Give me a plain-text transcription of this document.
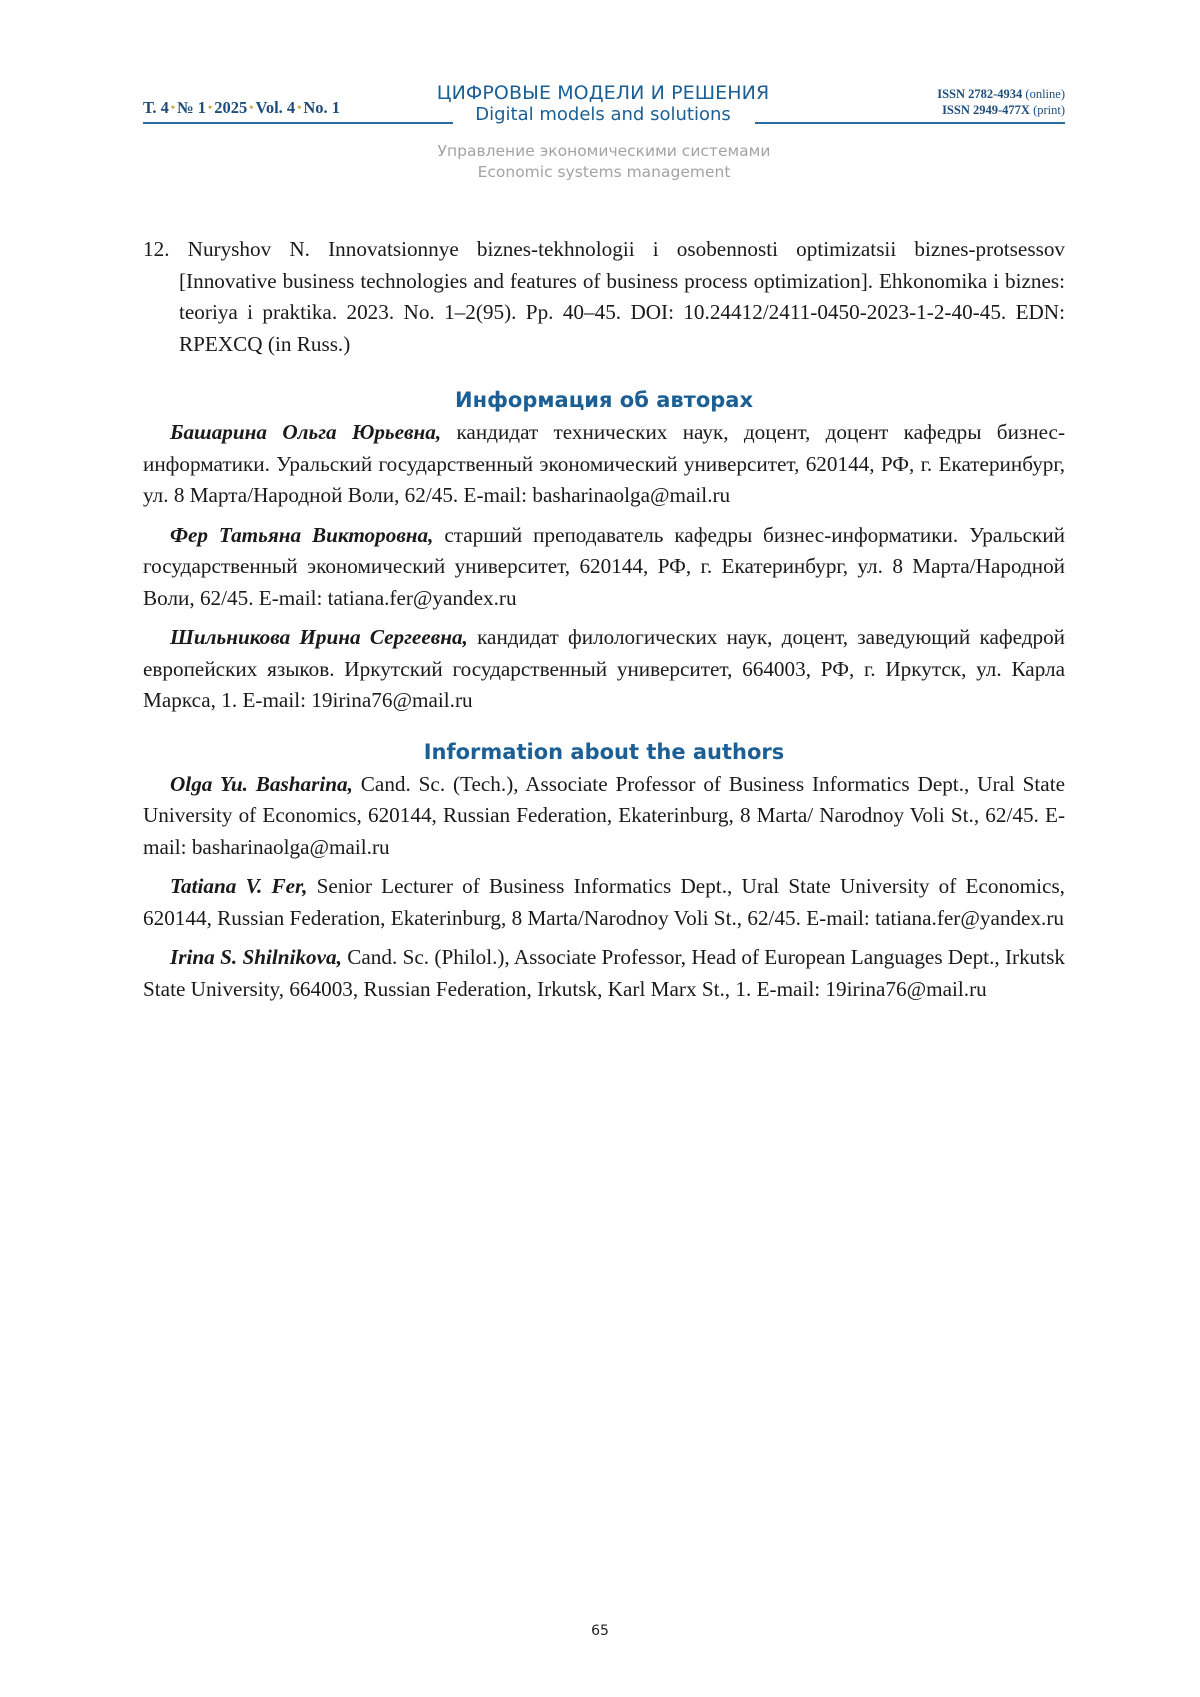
Т. 4 • № 1 • 2025 • Vol. 4 • No. 1
ЦИФРОВЫЕ МОДЕЛИ И РЕШЕНИЯ
Digital models and solutions
ISSN 2782-4934 (online)
ISSN 2949-477X (print)
Управление экономическими системами
Economic systems management
12. Nuryshov N. Innovatsionnye biznes-tekhnologii i osobennosti optimizatsii biznes-protsessov [Innovative business technologies and features of business process optimization]. Ehkonomika i biznes: teoriya i praktika. 2023. No. 1–2(95). Pp. 40–45. DOI: 10.24412/2411-0450-2023-1-2-40-45. EDN: RPEXCQ (in Russ.)
Информация об авторах

Башарина Ольга Юрьевна, кандидат технических наук, доцент, доцент кафедры бизнес-информатики. Уральский государственный экономический университет, 620144, РФ, г. Екатеринбург, ул. 8 Марта/Народной Воли, 62/45. E-mail: basharinaolga@mail.ru

Фер Татьяна Викторовна, старший преподаватель кафедры бизнес-информатики. Уральский государственный экономический университет, 620144, РФ, г. Екатеринбург, ул. 8 Марта/Народной Воли, 62/45. E-mail: tatiana.fer@yandex.ru

Шильникова Ирина Сергеевна, кандидат филологических наук, доцент, заведующий кафедрой европейских языков. Иркутский государственный университет, 664003, РФ, г. Иркутск, ул. Карла Маркса, 1. E-mail: 19irina76@mail.ru

Information about the authors

Olga Yu. Basharina, Cand. Sc. (Tech.), Associate Professor of Business Informatics Dept., Ural State University of Economics, 620144, Russian Federation, Ekaterinburg, 8 Marta/ Narodnoy Voli St., 62/45. E-mail: basharinaolga@mail.ru

Tatiana V. Fer, Senior Lecturer of Business Informatics Dept., Ural State University of Economics, 620144, Russian Federation, Ekaterinburg, 8 Marta/Narodnoy Voli St., 62/45. E-mail: tatiana.fer@yandex.ru

Irina S. Shilnikova, Cand. Sc. (Philol.), Associate Professor, Head of European Languages Dept., Irkutsk State University, 664003, Russian Federation, Irkutsk, Karl Marx St., 1. E-mail: 19irina76@mail.ru

65
